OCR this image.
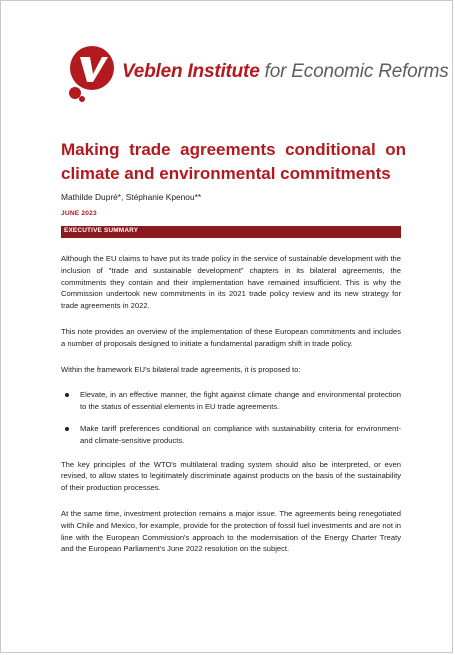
Veblen Institute for Economic Reforms
Making trade agreements conditional on climate and environmental commitments
Mathilde Dupré*, Stéphanie Kpenou**
JUNE 2023
EXECUTIVE SUMMARY

Although the EU claims to have put its trade policy in the service of sustainable development with the inclusion of "trade and sustainable development" chapters in its bilateral agreements, the commitments they contain and their implementation have remained insufficient. This is why the Commission undertook new commitments in its 2021 trade policy review and its new strategy for trade agreements in 2022.

This note provides an overview of the implementation of these European commitments and includes a number of proposals designed to initiate a fundamental paradigm shift in trade policy.

Within the framework EU's bilateral trade agreements, it is proposed to:

Elevate, in an effective manner, the fight against climate change and environmental protection to the status of essential elements in EU trade agreements.
Make tariff preferences conditional on compliance with sustainability criteria for environment- and climate-sensitive products.

The key principles of the WTO's multilateral trading system should also be interpreted, or even revised, to allow states to legitimately discriminate against products on the basis of the sustainability of their production processes.

At the same time, investment protection remains a major issue. The agreements being renegotiated with Chile and Mexico, for example, provide for the protection of fossil fuel investments and are not in line with the European Commission's approach to the modernisation of the Energy Charter Treaty and the European Parliament's June 2022 resolution on the subject.
